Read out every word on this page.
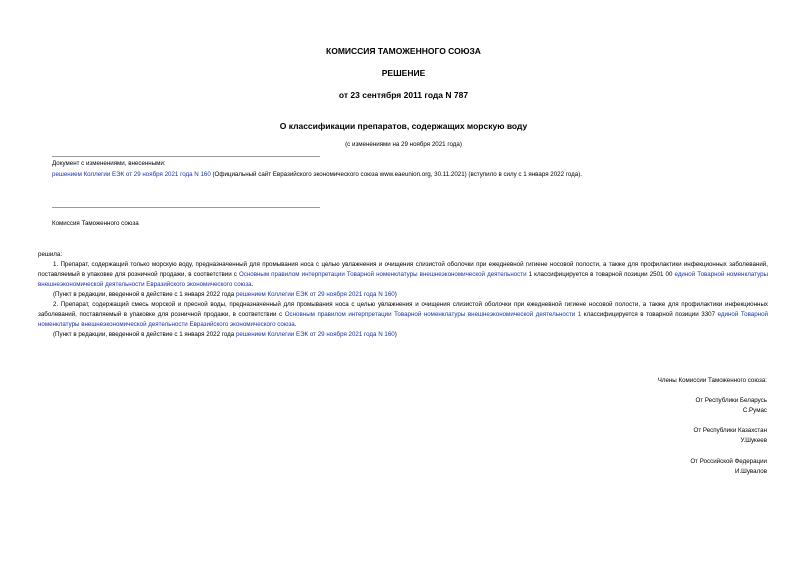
КОМИССИЯ ТАМОЖЕННОГО СОЮЗА
РЕШЕНИЕ
от 23 сентября 2011 года N 787
О классификации препаратов, содержащих морскую воду
(с изменениями на 29 ноября 2021 года)
Документ с изменениями, внесенными:
решением Коллегии ЕЭК от 29 ноября 2021 года N 160 (Официальный сайт Евразийского экономического союза www.eaeunion.org, 30.11.2021) (вступило в силу с 1 января 2022 года).
Комиссия Таможенного союза
решила:

1. Препарат, содержащий только морскую воду, предназначенный для промывания носа с целью увлажнения и очищения слизистой оболочки при ежедневной гигиене носовой полости, а также для профилактики инфекционных заболеваний, поставляемый в упаковке для розничной продажи, в соответствии с Основным правилом интерпретации Товарной номенклатуры внешнеэкономической деятельности 1 классифицируется в товарной позиции 2501 00 единой Товарной номенклатуры внешнеэкономической деятельности Евразийского экономического союза.

(Пункт в редакции, введенной в действие с 1 января 2022 года решением Коллегии ЕЭК от 29 ноября 2021 года N 160)

2. Препарат, содержащий смесь морской и пресной воды, предназначенный для промывания носа с целью увлажнения и очищения слизистой оболочки при ежедневной гигиене носовой полости, а также для профилактики инфекционных заболеваний, поставляемый в упаковке для розничной продажи, в соответствии с Основным правилом интерпретации Товарной номенклатуры внешнеэкономической деятельности 1 классифицируется в товарной позиции 3307 единой Товарной номенклатуры внешнеэкономической деятельности Евразийского экономического союза.

(Пункт в редакции, введенной в действие с 1 января 2022 года решением Коллегии ЕЭК от 29 ноября 2021 года N 160)

Члены Комиссии Таможенного союза:
От Республики Беларусь
С.Румас
От Республики Казахстан
У.Шукеев
От Российской Федерации
И.Шувалов
